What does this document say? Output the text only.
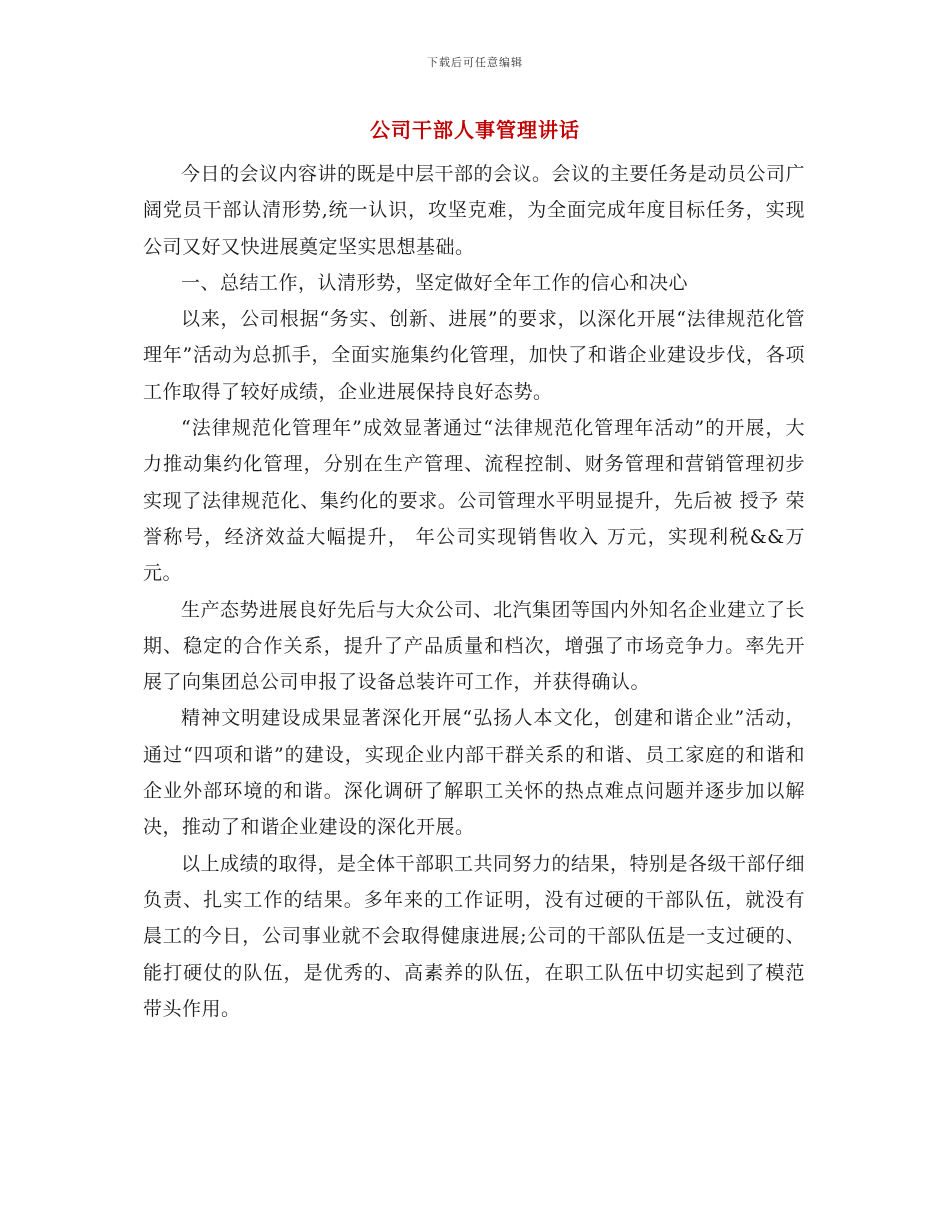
下载后可任意编辑
公司干部人事管理讲话

今日的会议内容讲的既是中层干部的会议。会议的主要任务是动员公司广阔党员干部认清形势,统一认识，攻坚克难，为全面完成年度目标任务，实现公司又好又快进展奠定坚实思想基础。

一、总结工作，认清形势，坚定做好全年工作的信心和决心

以来，公司根据“务实、创新、进展”的要求，以深化开展“法律规范化管理年”活动为总抓手，全面实施集约化管理，加快了和谐企业建设步伐，各项工作取得了较好成绩，企业进展保持良好态势。

“法律规范化管理年”成效显著通过“法律规范化管理年活动”的开展，大力推动集约化管理，分别在生产管理、流程控制、财务管理和营销管理初步实现了法律规范化、集约化的要求。公司管理水平明显提升，先后被 授予 荣誉称号，经济效益大幅提升， 年公司实现销售收入 万元，实现利税&&万元。

生产态势进展良好先后与大众公司、北汽集团等国内外知名企业建立了长期、稳定的合作关系，提升了产品质量和档次，增强了市场竞争力。率先开展了向集团总公司申报了设备总装许可工作，并获得确认。

精神文明建设成果显著深化开展“弘扬人本文化，创建和谐企业”活动，通过“四项和谐”的建设，实现企业内部干群关系的和谐、员工家庭的和谐和企业外部环境的和谐。深化调研了解职工关怀的热点难点问题并逐步加以解决，推动了和谐企业建设的深化开展。

以上成绩的取得，是全体干部职工共同努力的结果，特别是各级干部仔细负责、扎实工作的结果。多年来的工作证明，没有过硬的干部队伍，就没有晨工的今日，公司事业就不会取得健康进展;公司的干部队伍是一支过硬的、能打硬仗的队伍，是优秀的、高素养的队伍，在职工队伍中切实起到了模范带头作用。
